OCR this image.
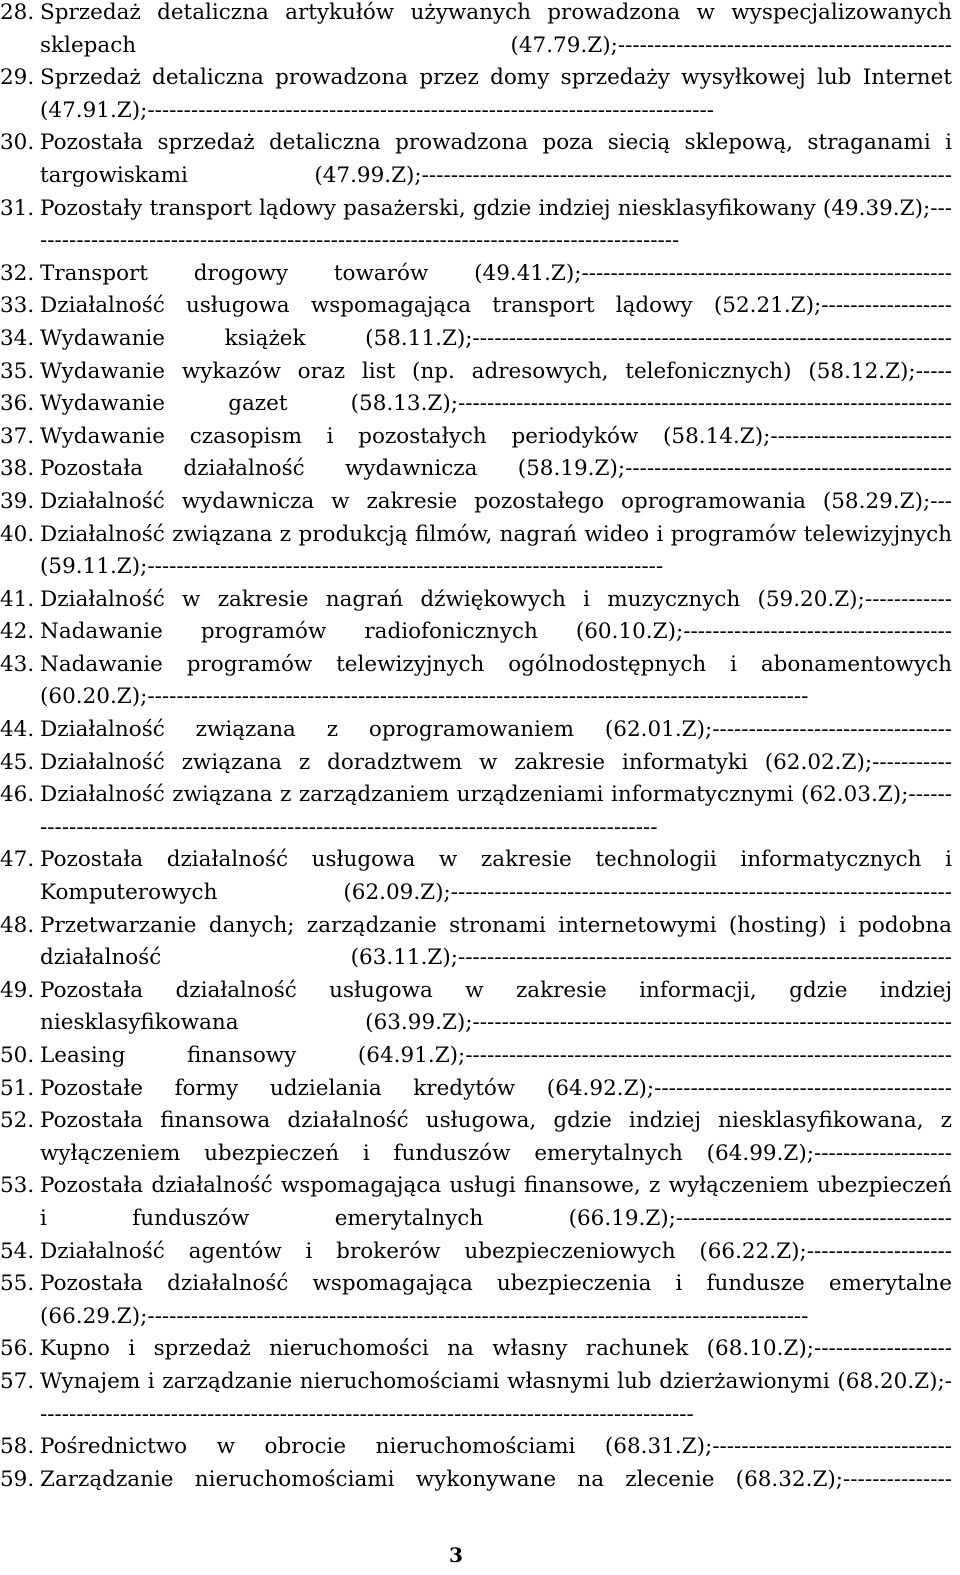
28. Sprzedaż detaliczna artykułów używanych prowadzona w wyspecjalizowanych sklepach (47.79.Z);----------------------------------------------
29. Sprzedaż detaliczna prowadzona przez domy sprzedaży wysyłkowej lub Internet (47.91.Z);------------------------------------------------------------------------------
30. Pozostała sprzedaż detaliczna prowadzona poza siecią sklepową, straganami i targowiskami (47.99.Z);-------------------------------------------------------------------------
31. Pozostały transport lądowy pasażerski, gdzie indziej niesklasyfikowany (49.39.Z);-------------------------------------------------------------------------------------------
32. Transport drogowy towarów (49.41.Z);---------------------------------------------------
33. Działalność usługowa wspomagająca transport lądowy (52.21.Z);------------------
34. Wydawanie książek (58.11.Z);------------------------------------------------------------------
35. Wydawanie wykazów oraz list (np. adresowych, telefonicznych) (58.12.Z);-----
36. Wydawanie gazet (58.13.Z);--------------------------------------------------------------------
37. Wydawanie czasopism i pozostałych periodyków (58.14.Z);-------------------------
38. Pozostała działalność wydawnicza (58.19.Z);---------------------------------------------
39. Działalność wydawnicza w zakresie pozostałego oprogramowania (58.29.Z);---
40. Działalność związana z produkcją filmów, nagrań wideo i programów telewizyjnych (59.11.Z);-----------------------------------------------------------------------
41. Działalność w zakresie nagrań dźwiękowych i muzycznych (59.20.Z);------------
42. Nadawanie programów radiofonicznych (60.10.Z);-------------------------------------
43. Nadawanie programów telewizyjnych ogólnodostępnych i abonamentowych (60.20.Z);-------------------------------------------------------------------------------------------
44. Działalność związana z oprogramowaniem (62.01.Z);---------------------------------
45. Działalność związana z doradztwem w zakresie informatyki (62.02.Z);-----------
46. Działalność związana z zarządzaniem urządzeniami informatycznymi (62.03.Z);-------------------------------------------------------------------------------------------
47. Pozostała działalność usługowa w zakresie technologii informatycznych i Komputerowych (62.09.Z);---------------------------------------------------------------------
48. Przetwarzanie danych; zarządzanie stronami internetowymi (hosting) i podobna działalność (63.11.Z);--------------------------------------------------------------------
49. Pozostała działalność usługowa w zakresie informacji, gdzie indziej niesklasyfikowana (63.99.Z);------------------------------------------------------------------
50. Leasing finansowy (64.91.Z);-------------------------------------------------------------------
51. Pozostałe formy udzielania kredytów (64.92.Z);-----------------------------------------
52. Pozostała finansowa działalność usługowa, gdzie indziej niesklasyfikowana, z wyłączeniem ubezpieczeń i funduszów emerytalnych (64.99.Z);-------------------
53. Pozostała działalność wspomagająca usługi finansowe, z wyłączeniem ubezpieczeń i funduszów emerytalnych (66.19.Z);--------------------------------------
54. Działalność agentów i brokerów ubezpieczeniowych (66.22.Z);--------------------
55. Pozostała działalność wspomagająca ubezpieczenia i fundusze emerytalne (66.29.Z);-------------------------------------------------------------------------------------------
56. Kupno i sprzedaż nieruchomości na własny rachunek (68.10.Z);-------------------
57. Wynajem i zarządzanie nieruchomościami własnymi lub dzierżawionymi (68.20.Z);-------------------------------------------------------------------------------------------
58. Pośrednictwo w obrocie nieruchomościami (68.31.Z);---------------------------------
59. Zarządzanie nieruchomościami wykonywane na zlecenie (68.32.Z);---------------
3
